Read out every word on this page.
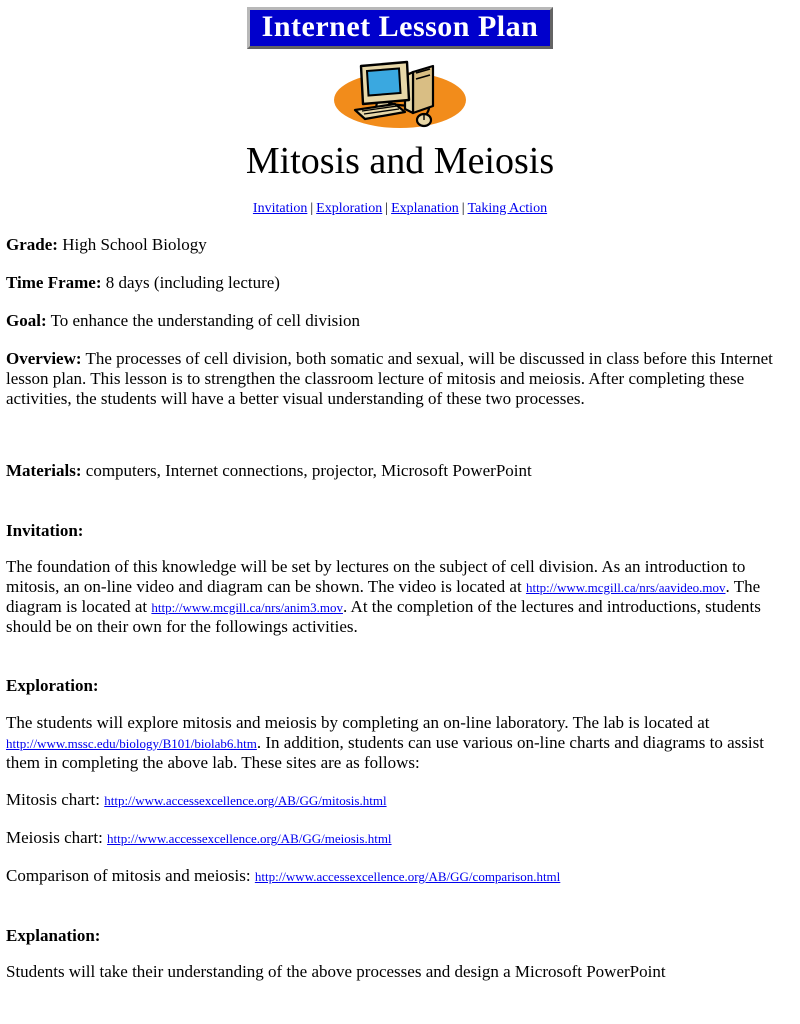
Internet Lesson Plan
Mitosis and Meiosis
Invitation | Exploration | Explanation | Taking Action

Grade: High School Biology

Time Frame: 8 days (including lecture)

Goal: To enhance the understanding of cell division

Overview: The processes of cell division, both somatic and sexual, will be discussed in class before this Internet lesson plan. This lesson is to strengthen the classroom lecture of mitosis and meiosis. After completing these activities, the students will have a better visual understanding of these two processes.

Materials: computers, Internet connections, projector, Microsoft PowerPoint

Invitation:

The foundation of this knowledge will be set by lectures on the subject of cell division. As an introduction to mitosis, an on-line video and diagram can be shown. The video is located at http://www.mcgill.ca/nrs/aavideo.mov. The diagram is located at http://www.mcgill.ca/nrs/anim3.mov. At the completion of the lectures and introductions, students should be on their own for the followings activities.

Exploration:

The students will explore mitosis and meiosis by completing an on-line laboratory. The lab is located at http://www.mssc.edu/biology/B101/biolab6.htm. In addition, students can use various on-line charts and diagrams to assist them in completing the above lab. These sites are as follows:

Mitosis chart: http://www.accessexcellence.org/AB/GG/mitosis.html

Meiosis chart: http://www.accessexcellence.org/AB/GG/meiosis.html

Comparison of mitosis and meiosis: http://www.accessexcellence.org/AB/GG/comparison.html

Explanation:

Students will take their understanding of the above processes and design a Microsoft PowerPoint
